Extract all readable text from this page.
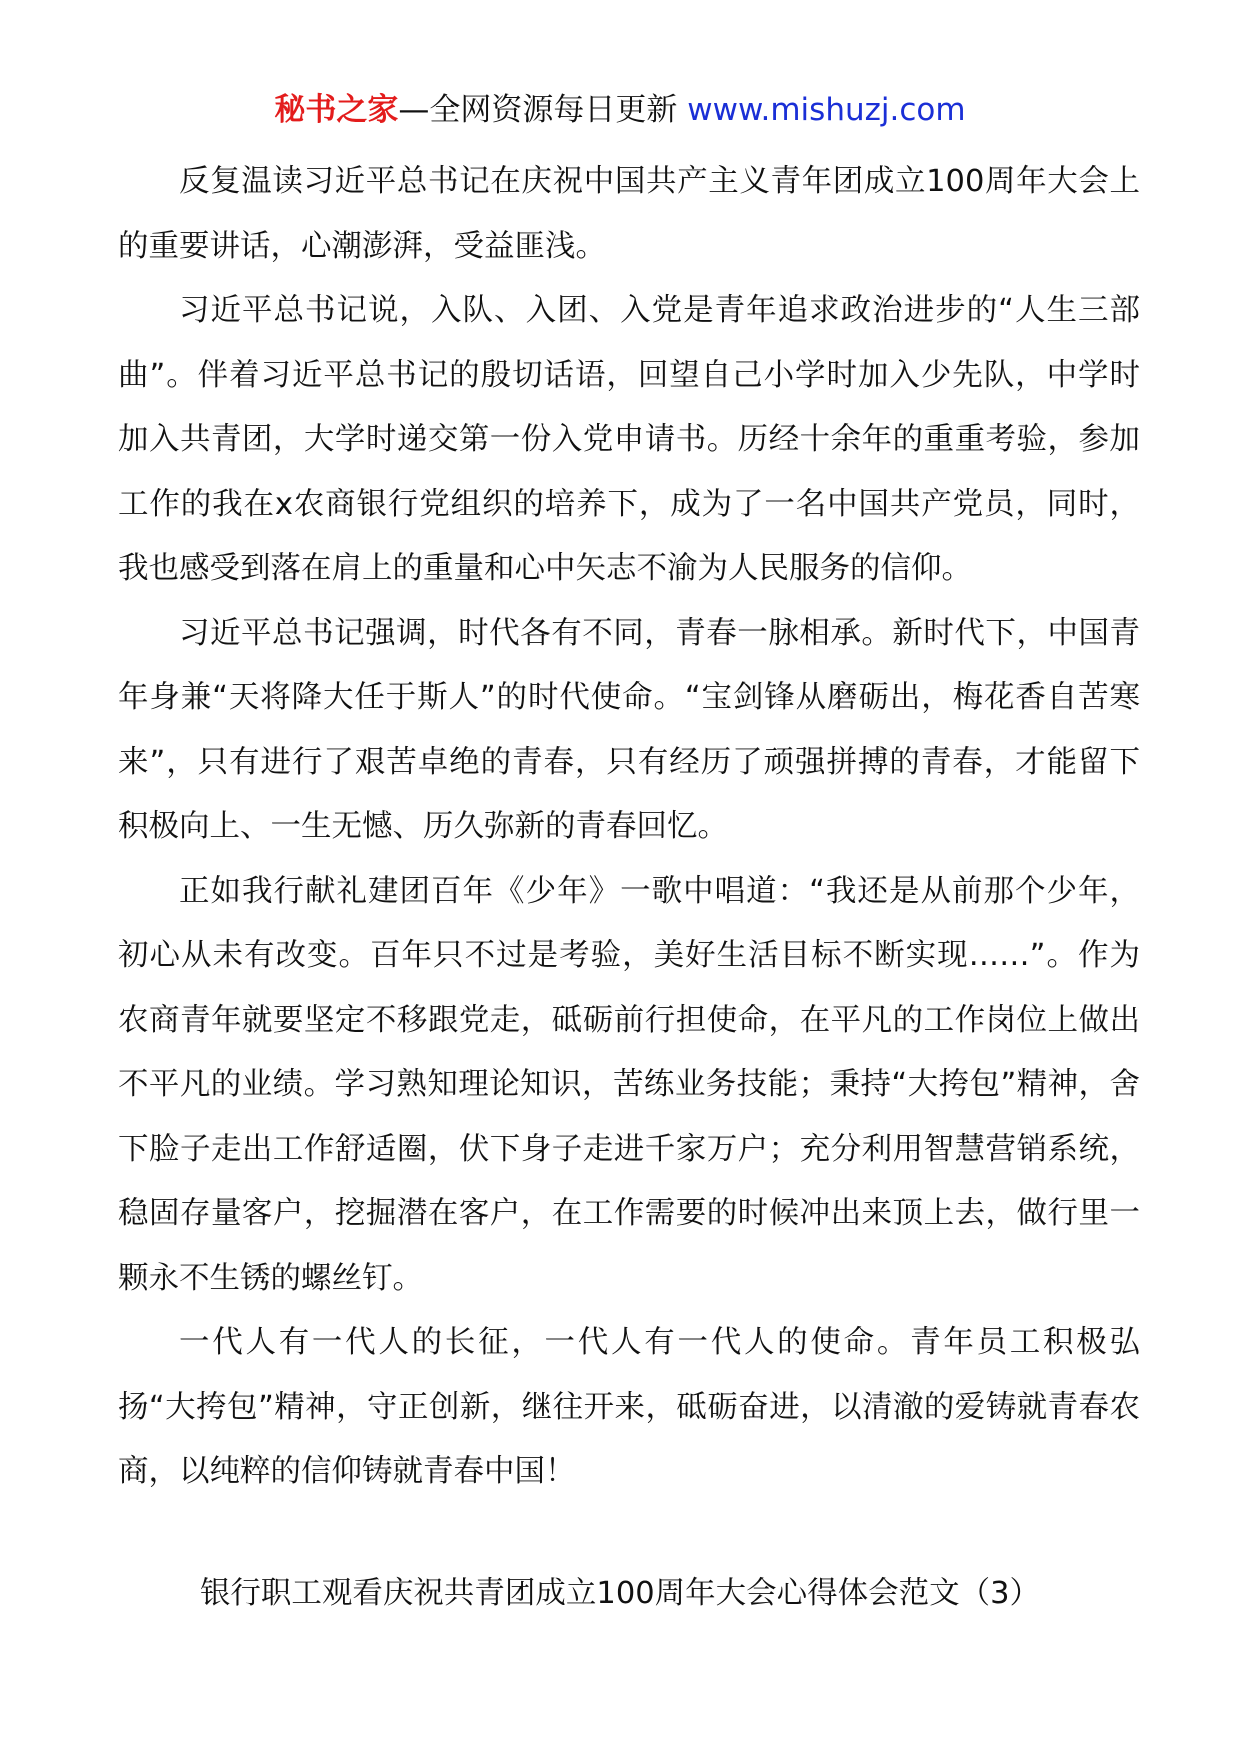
秘书之家—全网资源每日更新 www.mishuzj.com

反复温读习近平总书记在庆祝中国共产主义青年团成立100周年大会上的重要讲话，心潮澎湃，受益匪浅。

习近平总书记说，入队、入团、入党是青年追求政治进步的“人生三部曲”。伴着习近平总书记的殷切话语，回望自己小学时加入少先队，中学时加入共青团，大学时递交第一份入党申请书。历经十余年的重重考验，参加工作的我在x农商银行党组织的培养下，成为了一名中国共产党员，同时，我也感受到落在肩上的重量和心中矢志不渝为人民服务的信仰。

习近平总书记强调，时代各有不同，青春一脉相承。新时代下，中国青年身兼“天将降大任于斯人”的时代使命。“宝剑锋从磨砺出，梅花香自苦寒来”，只有进行了艰苦卓绝的青春，只有经历了顽强拼搏的青春，才能留下积极向上、一生无憾、历久弥新的青春回忆。

正如我行献礼建团百年《少年》一歌中唱道：“我还是从前那个少年，初心从未有改变。百年只不过是考验，美好生活目标不断实现……”。作为农商青年就要坚定不移跟党走，砥砺前行担使命，在平凡的工作岗位上做出不平凡的业绩。学习熟知理论知识，苦练业务技能；秉持“大挎包”精神，舍下脸子走出工作舒适圈，伏下身子走进千家万户；充分利用智慧营销系统，稳固存量客户，挖掘潜在客户，在工作需要的时候冲出来顶上去，做行里一颗永不生锈的螺丝钉。

一代人有一代人的长征，一代人有一代人的使命。青年员工积极弘扬“大挎包”精神，守正创新，继往开来，砥砺奋进，以清澈的爱铸就青春农商，以纯粹的信仰铸就青春中国！

银行职工观看庆祝共青团成立100周年大会心得体会范文（3）
